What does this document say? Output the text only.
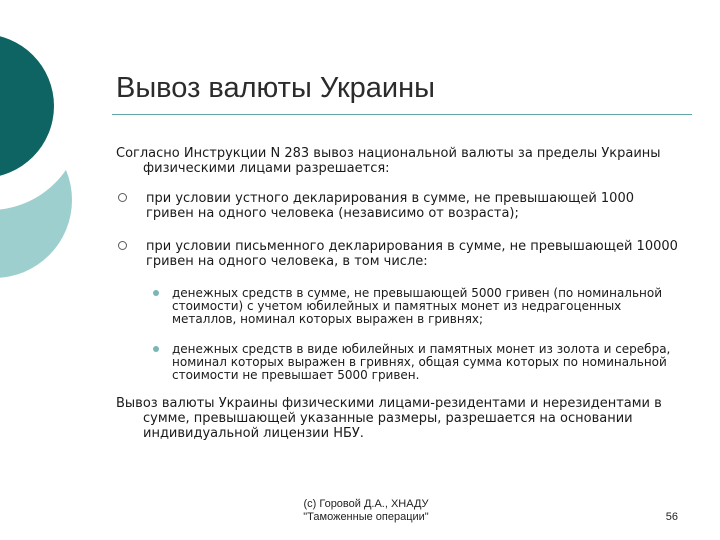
Вывоз валюты Украины

Согласно Инструкции N 283 вывоз национальной валюты за пределы Украины физическими лицами разрешается:

при условии устного декларирования в сумме, не превышающей 1000 гривен на одного человека (независимо от возраста);
при условии письменного декларирования в сумме, не превышающей 10000 гривен на одного человека, в том числе:
денежных средств в сумме, не превышающей 5000 гривен (по номинальной стоимости) с учетом юбилейных и памятных монет из недрагоценных металлов, номинал которых выражен в гривнях;
денежных средств в виде юбилейных и памятных монет из золота и серебра, номинал которых выражен в гривнях, общая сумма которых по номинальной стоимости не превышает 5000 гривен.

Вывоз валюты Украины физическими лицами-резидентами и нерезидентами в сумме, превышающей указанные размеры, разрешается на основании индивидуальной лицензии НБУ.

(c) Горовой Д.А., ХНАДУ
"Таможенные операции"	56
